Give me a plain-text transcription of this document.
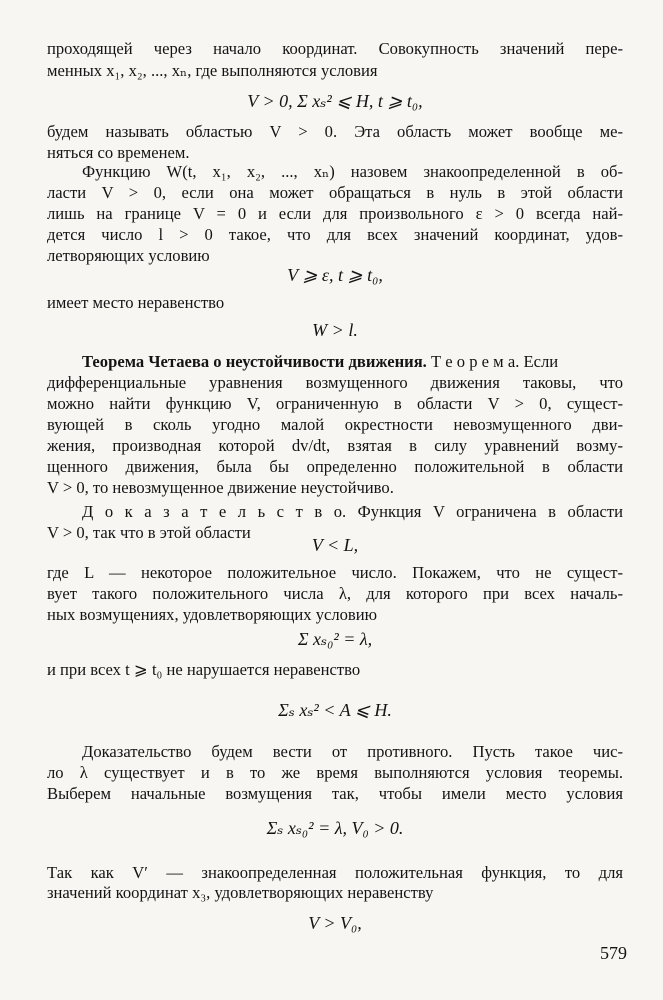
проходящей через начало координат. Совокупность значений пере-
менных x₁, x₂, ..., xₙ, где выполняются условия
V > 0, Σ xₛ² ⩽ H, t ⩾ t₀,
будем называть областью V > 0. Эта область может вообще ме-
няться со временем.
Функцию W(t, x₁, x₂, ..., xₙ) назовем знакоопределенной в об-
ласти V > 0, если она может обращаться в нуль в этой области
лишь на границе V = 0 и если для произвольного ε > 0 всегда най-
дется число l > 0 такое, что для всех значений координат, удов-
летворяющих условию
V ⩾ ε, t ⩾ t₀,
имеет место неравенство
W > l.
Теорема Четаева о неустойчивости движения. Т е о р е м а. Если
дифференциальные уравнения возмущенного движения таковы, что
можно найти функцию V, ограниченную в области V > 0, сущест-
вующей в сколь угодно малой окрестности невозмущенного дви-
жения, производная которой dv/dt, взятая в силу уравнений возму-
щенного движения, была бы определенно положительной в области
V > 0, то невозмущенное движение неустойчиво.
Д о к а з а т е л ь с т в о. Функция V ограничена в области
V > 0, так что в этой области
V < L,
где L — некоторое положительное число. Покажем, что не сущест-
вует такого положительного числа λ, для которого при всех началь-
ных возмущениях, удовлетворяющих условию
Σ xₛ₀² = λ,
и при всех t ⩾ t₀ не нарушается неравенство
Σₛ xₛ² < A ⩽ H.
Доказательство будем вести от противного. Пусть такое чис-
ло λ существует и в то же время выполняются условия теоремы.
Выберем начальные возмущения так, чтобы имели место условия
Σₛ xₛ₀² = λ, V₀ > 0.
Так как V′ — знакоопределенная положительная функция, то для
значений координат x₃, удовлетворяющих неравенству
V > V₀,
579
